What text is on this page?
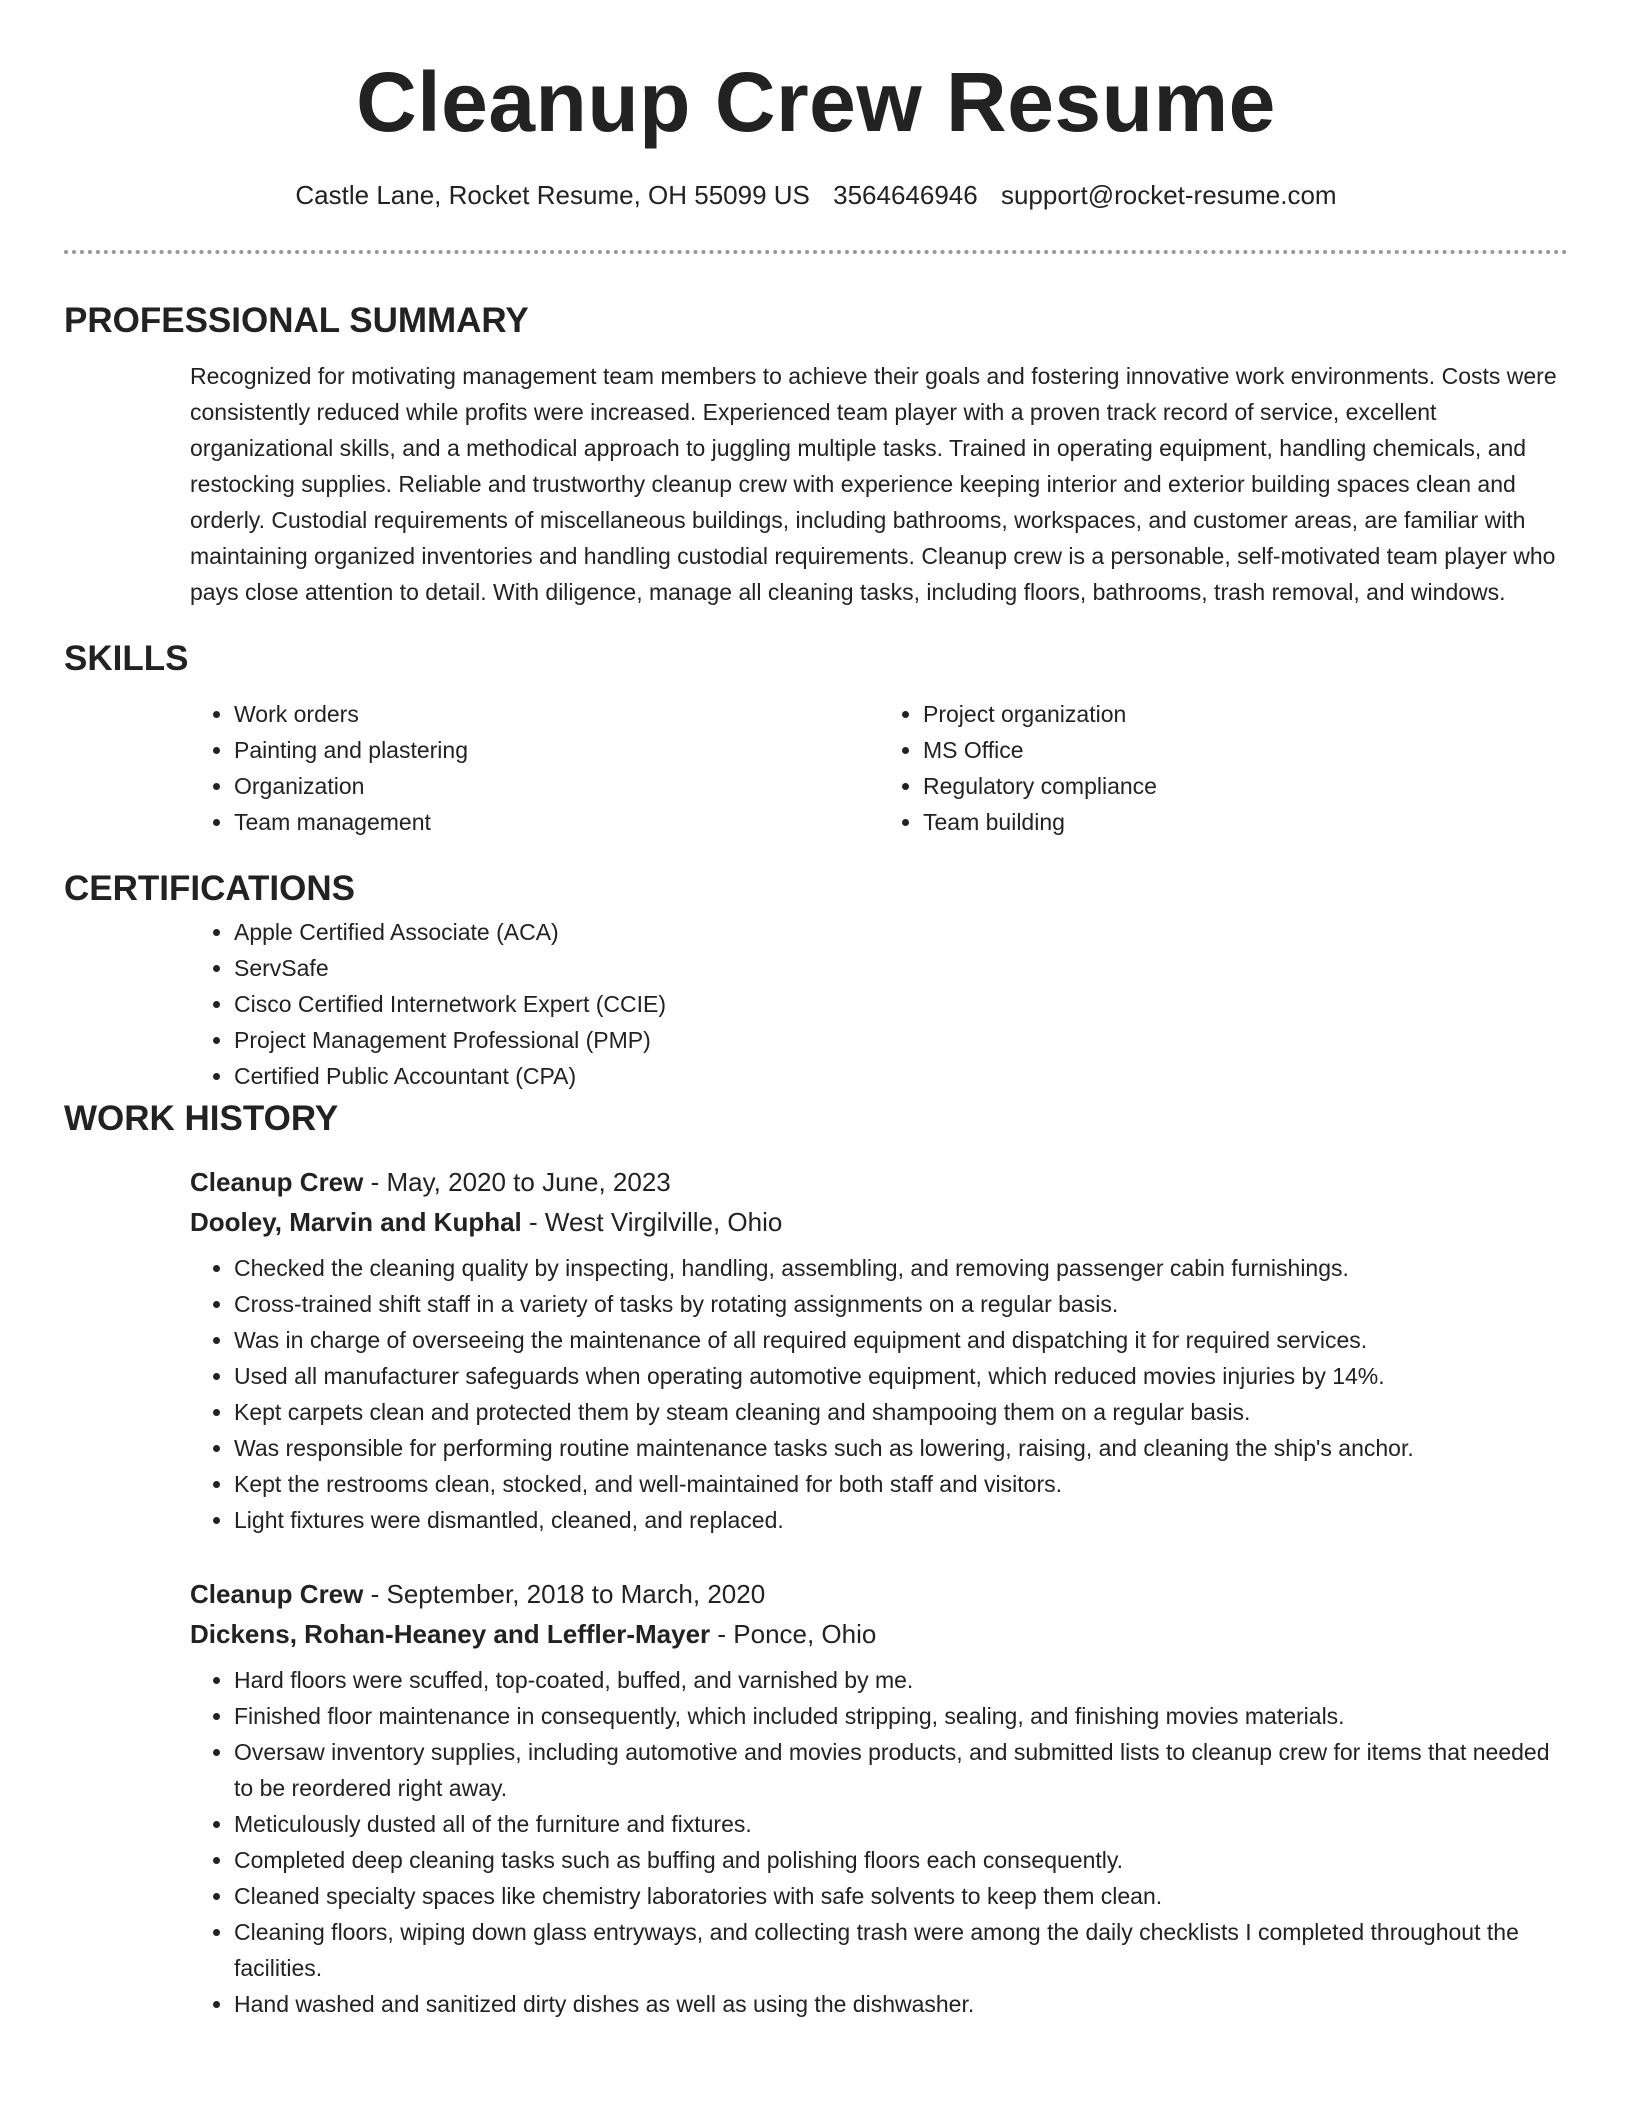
Cleanup Crew Resume
Castle Lane, Rocket Resume, OH 55099 US 3564646946 support@rocket-resume.com
PROFESSIONAL SUMMARY

Recognized for motivating management team members to achieve their goals and fostering innovative work environments. Costs were consistently reduced while profits were increased. Experienced team player with a proven track record of service, excellent organizational skills, and a methodical approach to juggling multiple tasks. Trained in operating equipment, handling chemicals, and restocking supplies. Reliable and trustworthy cleanup crew with experience keeping interior and exterior building spaces clean and orderly. Custodial requirements of miscellaneous buildings, including bathrooms, workspaces, and customer areas, are familiar with maintaining organized inventories and handling custodial requirements. Cleanup crew is a personable, self-motivated team player who pays close attention to detail. With diligence, manage all cleaning tasks, including floors, bathrooms, trash removal, and windows.

SKILLS
• Work orders
• Painting and plastering
• Organization
• Team management
• Project organization
• MS Office
• Regulatory compliance
• Team building
CERTIFICATIONS
• Apple Certified Associate (ACA)
• ServSafe
• Cisco Certified Internetwork Expert (CCIE)
• Project Management Professional (PMP)
• Certified Public Accountant (CPA)
WORK HISTORY
Cleanup Crew - May, 2020 to June, 2023
Dooley, Marvin and Kuphal - West Virgilville, Ohio
• Checked the cleaning quality by inspecting, handling, assembling, and removing passenger cabin furnishings.
• Cross-trained shift staff in a variety of tasks by rotating assignments on a regular basis.
• Was in charge of overseeing the maintenance of all required equipment and dispatching it for required services.
• Used all manufacturer safeguards when operating automotive equipment, which reduced movies injuries by 14%.
• Kept carpets clean and protected them by steam cleaning and shampooing them on a regular basis.
• Was responsible for performing routine maintenance tasks such as lowering, raising, and cleaning the ship's anchor.
• Kept the restrooms clean, stocked, and well-maintained for both staff and visitors.
• Light fixtures were dismantled, cleaned, and replaced.
Cleanup Crew - September, 2018 to March, 2020
Dickens, Rohan-Heaney and Leffler-Mayer - Ponce, Ohio
• Hard floors were scuffed, top-coated, buffed, and varnished by me.
• Finished floor maintenance in consequently, which included stripping, sealing, and finishing movies materials.
• Oversaw inventory supplies, including automotive and movies products, and submitted lists to cleanup crew for items that needed to be reordered right away.
• Meticulously dusted all of the furniture and fixtures.
• Completed deep cleaning tasks such as buffing and polishing floors each consequently.
• Cleaned specialty spaces like chemistry laboratories with safe solvents to keep them clean.
• Cleaning floors, wiping down glass entryways, and collecting trash were among the daily checklists I completed throughout the facilities.
• Hand washed and sanitized dirty dishes as well as using the dishwasher.
